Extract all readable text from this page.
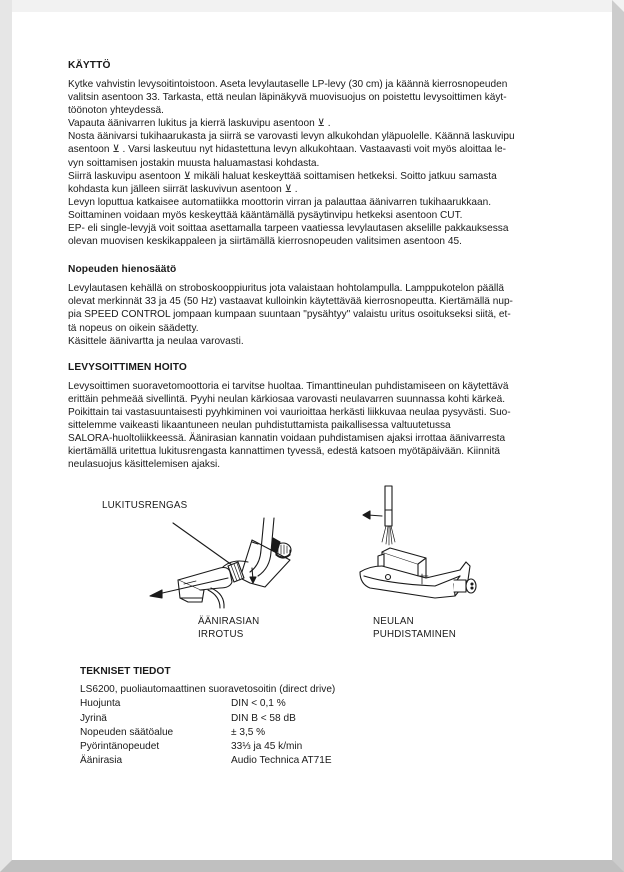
KÄYTTÖ

Kytke vahvistin levysoitintoistoon. Aseta levylautaselle LP-levy (30 cm) ja käännä kierrosnopeuden

valitsin asentoon 33. Tarkasta, että neulan läpinäkyvä muovisuojus on poistettu levysoittimen käyt-

töönoton yhteydessä.

Vapauta äänivarren lukitus ja kierrä laskuvipu asentoon ⊻ .

Nosta äänivarsi tukihaarukasta ja siirrä se varovasti levyn alkukohdan yläpuolelle. Käännä laskuvipu

asentoon ⊻ . Varsi laskeutuu nyt hidastettuna levyn alkukohtaan. Vastaavasti voit myös aloittaa le-

vyn soittamisen jostakin muusta haluamastasi kohdasta.

Siirrä laskuvipu asentoon ⊻ mikäli haluat keskeyttää soittamisen hetkeksi. Soitto jatkuu samasta

kohdasta kun jälleen siirrät laskuvivun asentoon ⊻ .

Levyn loputtua katkaisee automatiikka moottorin virran ja palauttaa äänivarren tukihaarukkaan.

Soittaminen voidaan myös keskeyttää kääntämällä pysäytinvipu hetkeksi asentoon CUT.

EP- eli single-levyjä voit soittaa asettamalla tarpeen vaatiessa levylautasen akselille pakkauksessa

olevan muovisen keskikappaleen ja siirtämällä kierrosnopeuden valitsimen asentoon 45.

Nopeuden hienosäätö

Levylautasen kehällä on stroboskooppiuritus jota valaistaan hohtolampulla. Lamppukotelon päällä

olevat merkinnät 33 ja 45 (50 Hz) vastaavat kulloinkin käytettävää kierrosnopeutta. Kiertämällä nup-

pia SPEED CONTROL jompaan kumpaan suuntaan "pysähtyy" valaistu uritus osoitukseksi siitä, et-

tä nopeus on oikein säädetty.

Käsittele äänivartta ja neulaa varovasti.

LEVYSOITTIMEN HOITO

Levysoittimen suoravetomoottoria ei tarvitse huoltaa. Timanttineulan puhdistamiseen on käytettävä

erittäin pehmeää sivellintä. Pyyhi neulan kärkiosaa varovasti neulavarren suunnassa kohti kärkeä.

Poikittain tai vastasuuntaisesti pyyhkiminen voi vaurioittaa herkästi liikkuvaa neulaa pysyvästi. Suo-

sittelemme vaikeasti likaantuneen neulan puhdistuttamista paikallisessa valtuutetussa

SALORA-huoltoliikkeessä. Äänirasian kannatin voidaan puhdistamisen ajaksi irrottaa äänivarresta

kiertämällä uritettua lukitusrengasta kannattimen tyvessä, edestä katsoen myötäpäivään. Kiinnitä

neulasuojus käsittelemisen ajaksi.

LUKITUSRENGAS
ÄÄNIRASIAN
IRROTUS
NEULAN
PUHDISTAMINEN
TEKNISET TIEDOT
LS6200, puoliautomaattinen suoravetosoitin (direct drive)
Huojunta	DIN < 0,1 %
Jyrinä	DIN B < 58 dB
Nopeuden säätöalue	± 3,5 %
Pyörintänopeudet	33⅓ ja 45 k/min
Äänirasia	Audio Technica AT71E
